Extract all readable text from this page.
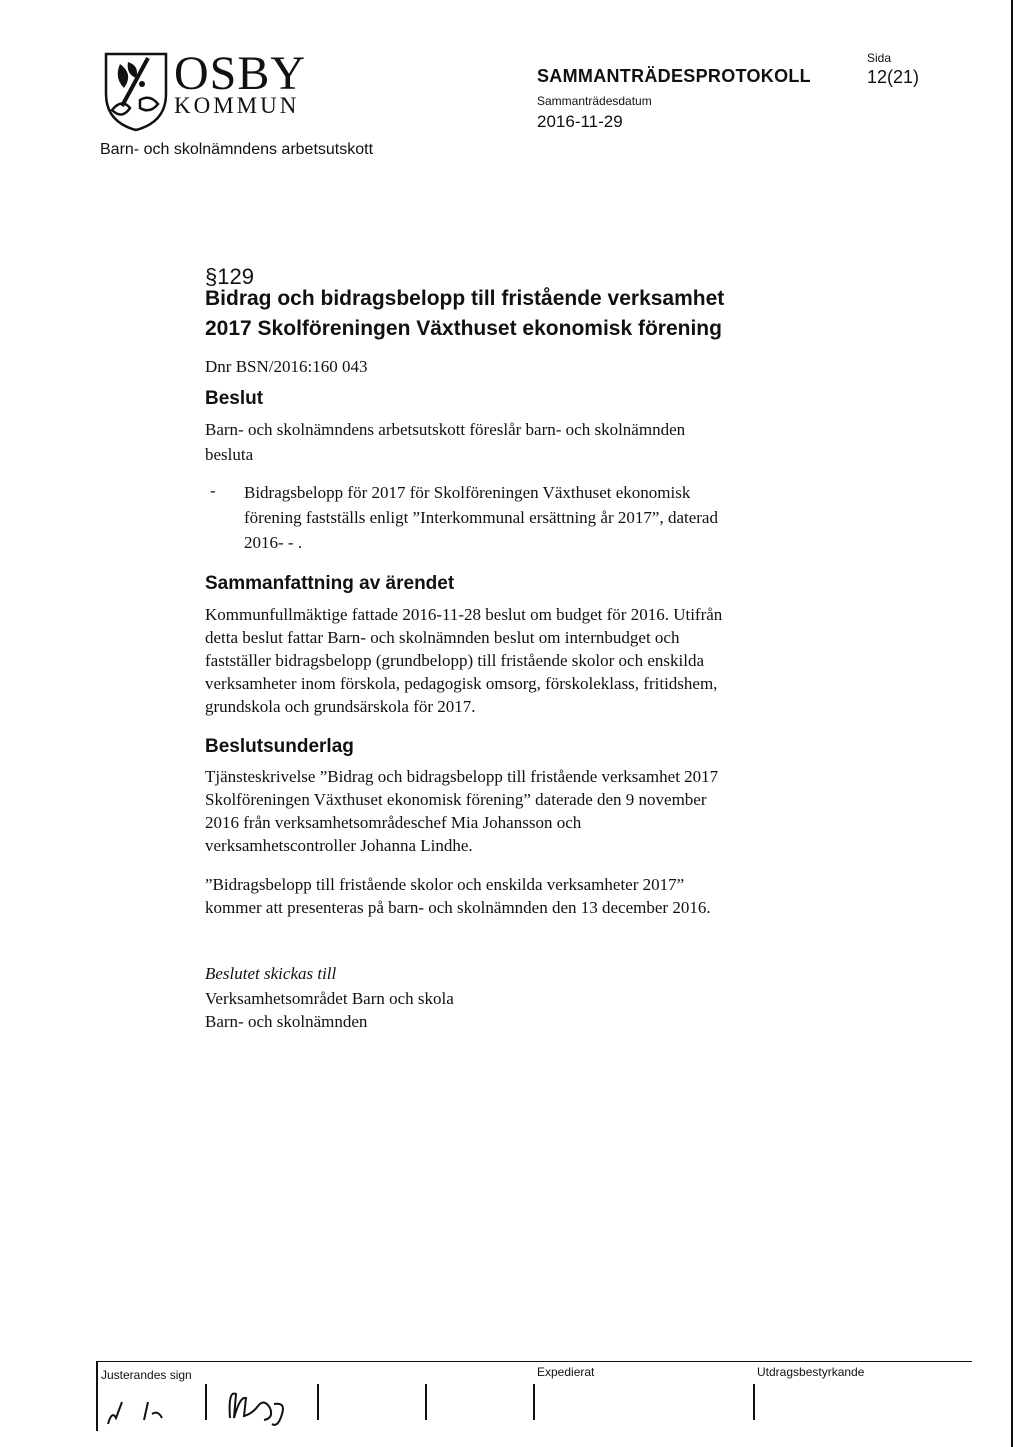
OSBY
KOMMUN
SAMMANTRÄDESPROTOKOLL
Sammanträdesdatum
2016-11-29
Sida
12(21)
Barn- och skolnämndens arbetsutskott
§129
Bidrag och bidragsbelopp till fristående verksamhet
2017 Skolföreningen Växthuset ekonomisk förening

Dnr BSN/2016:160 043

Beslut

Barn- och skolnämndens arbetsutskott föreslår barn- och skolnämnden

besluta

- Bidragsbelopp för 2017 för Skolföreningen Växthuset ekonomisk
förening fastställs enligt ”Interkommunal ersättning år 2017”, daterad
2016- - .
Sammanfattning av ärendet
Kommunfullmäktige fattade 2016-11-28 beslut om budget för 2016. Utifrån
detta beslut fattar Barn- och skolnämnden beslut om internbudget och
fastställer bidragsbelopp (grundbelopp) till fristående skolor och enskilda
verksamheter inom förskola, pedagogisk omsorg, förskoleklass, fritidshem,
grundskola och grundsärskola för 2017.
Beslutsunderlag
Tjänsteskrivelse ”Bidrag och bidragsbelopp till fristående verksamhet 2017
Skolföreningen Växthuset ekonomisk förening” daterade den 9 november
2016 från verksamhetsområdeschef Mia Johansson och
verksamhetscontroller Johanna Lindhe.
”Bidragsbelopp till fristående skolor och enskilda verksamheter 2017”
kommer att presenteras på barn- och skolnämnden den 13 december 2016.
Beslutet skickas till
Verksamhetsområdet Barn och skola
Barn- och skolnämnden
Justerandes sign	Expedierat	Utdragsbestyrkande
